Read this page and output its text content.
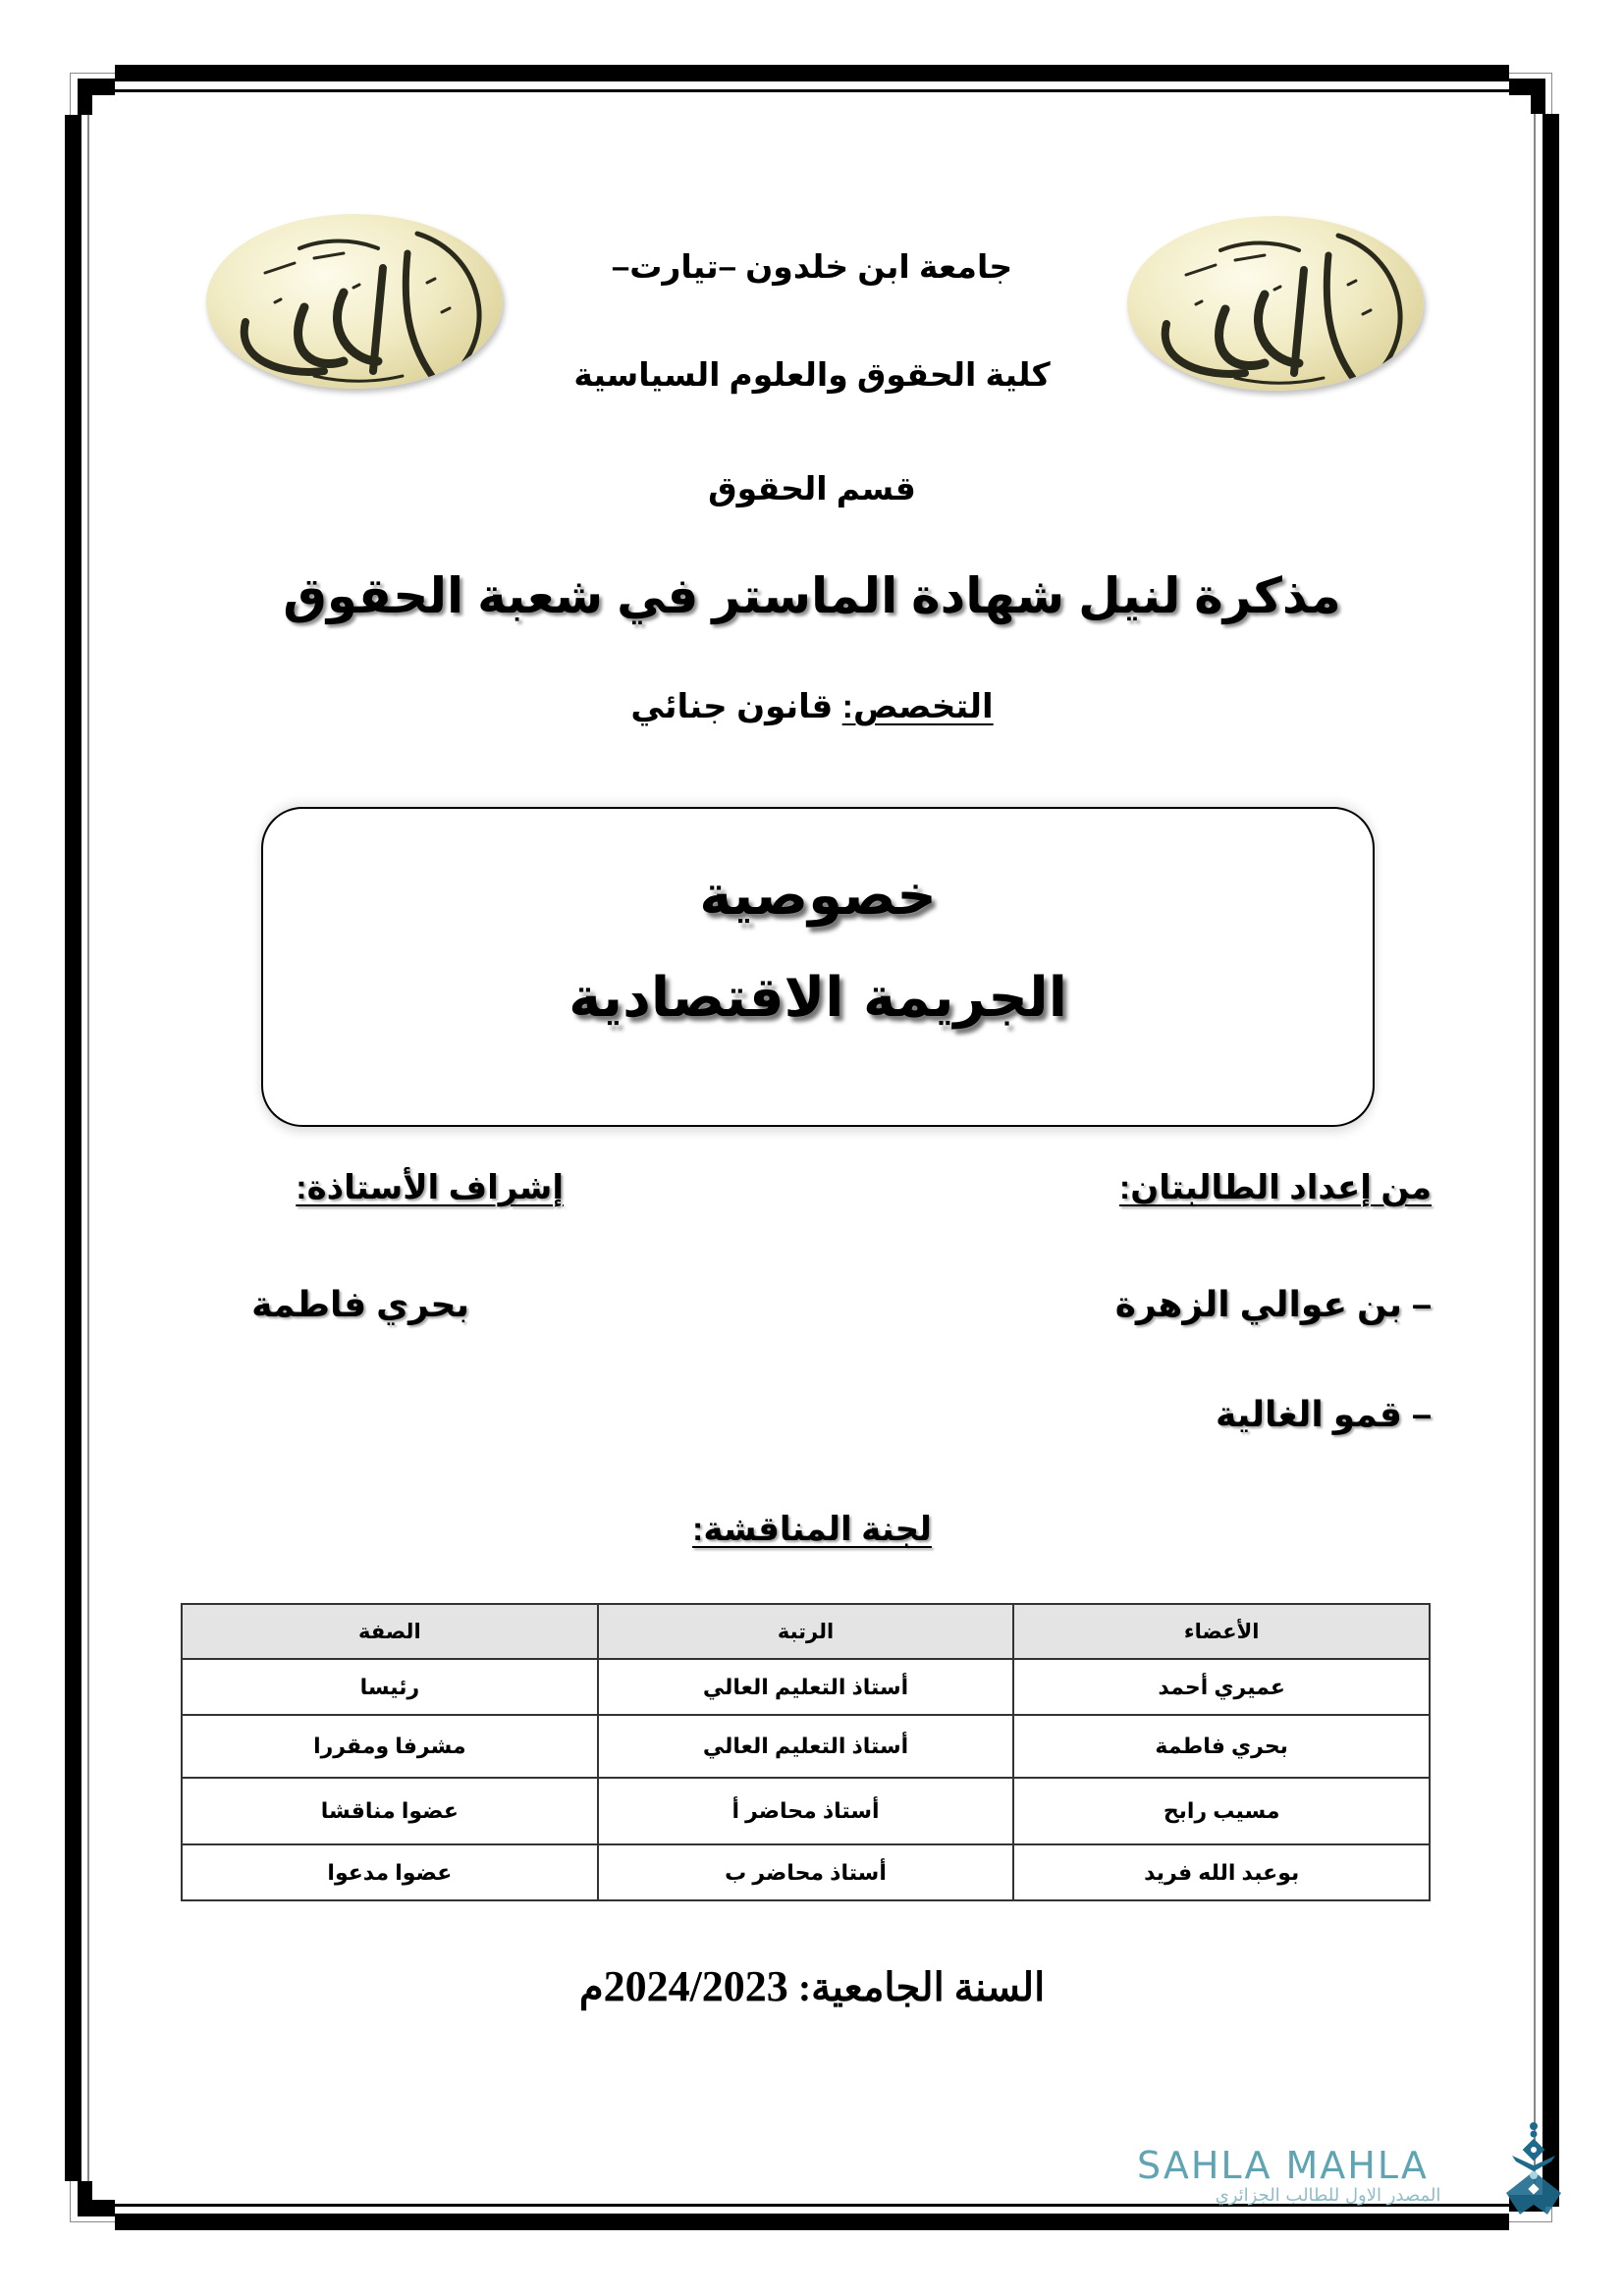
جامعة ابن خلدون –تيارت–
كلية الحقوق والعلوم السياسية
قسم الحقوق
مذكرة لنيل شهادة الماستر في شعبة الحقوق
التخصص: قانون جنائي
خصوصية
الجريمة الاقتصادية
من إعداد الطالبتان:
إشراف الأستاذة:
– بن عوالي الزهرة
– قمو الغالية
بحري فاطمة
لجنة المناقشة:
الأعضاء	الرتبة	الصفة
عميري أحمد	أستاذ التعليم العالي	رئيسا
بحري فاطمة	أستاذ التعليم العالي	مشرفا ومقررا
مسيب رابح	أستاذ محاضر أ	عضوا مناقشا
بوعبد الله فريد	أستاذ محاضر ب	عضوا مدعوا
السنة الجامعية: 2024/2023م
SAHLA MAHLA
المصدر الاول للطالب الجزائري
